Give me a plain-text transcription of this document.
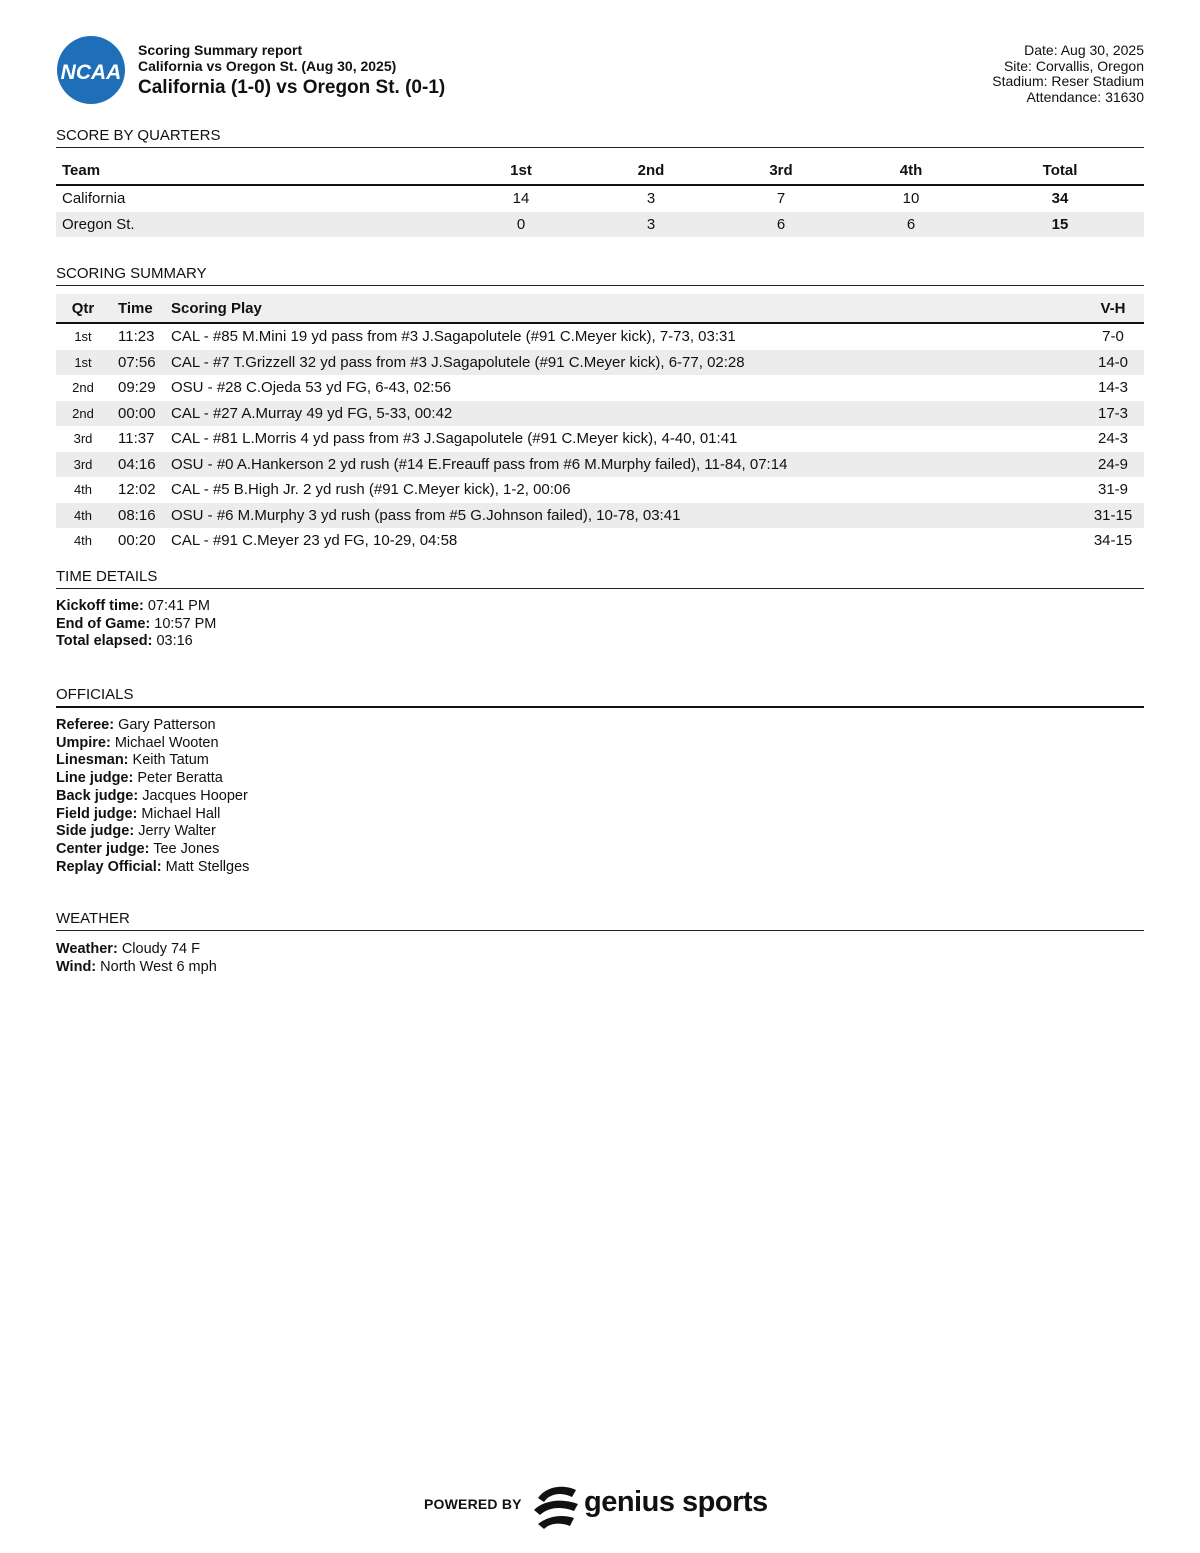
NCAA
Scoring Summary report
California vs Oregon St. (Aug 30, 2025)
California (1-0) vs Oregon St. (0-1)
Date: Aug 30, 2025
Site: Corvallis, Oregon
Stadium: Reser Stadium
Attendance: 31630
SCORE BY QUARTERS
Team	1st	2nd	3rd	4th	Total
California	14	3	7	10	34
Oregon St.	0	3	6	6	15
SCORING SUMMARY
Qtr	Time	Scoring Play	V-H
1st	11:23	CAL - #85 M.Mini 19 yd pass from #3 J.Sagapolutele (#91 C.Meyer kick), 7-73, 03:31	7-0
1st	07:56	CAL - #7 T.Grizzell 32 yd pass from #3 J.Sagapolutele (#91 C.Meyer kick), 6-77, 02:28	14-0
2nd	09:29	OSU - #28 C.Ojeda 53 yd FG, 6-43, 02:56	14-3
2nd	00:00	CAL - #27 A.Murray 49 yd FG, 5-33, 00:42	17-3
3rd	11:37	CAL - #81 L.Morris 4 yd pass from #3 J.Sagapolutele (#91 C.Meyer kick), 4-40, 01:41	24-3
3rd	04:16	OSU - #0 A.Hankerson 2 yd rush (#14 E.Freauff pass from #6 M.Murphy failed), 11-84, 07:14	24-9
4th	12:02	CAL - #5 B.High Jr. 2 yd rush (#91 C.Meyer kick), 1-2, 00:06	31-9
4th	08:16	OSU - #6 M.Murphy 3 yd rush (pass from #5 G.Johnson failed), 10-78, 03:41	31-15
4th	00:20	CAL - #91 C.Meyer 23 yd FG, 10-29, 04:58	34-15
TIME DETAILS
Kickoff time: 07:41 PM
End of Game: 10:57 PM
Total elapsed: 03:16
OFFICIALS
Referee: Gary Patterson
Umpire: Michael Wooten
Linesman: Keith Tatum
Line judge: Peter Beratta
Back judge: Jacques Hooper
Field judge: Michael Hall
Side judge: Jerry Walter
Center judge: Tee Jones
Replay Official: Matt Stellges
WEATHER
Weather: Cloudy 74 F
Wind: North West 6 mph
POWERED BY genius sports
